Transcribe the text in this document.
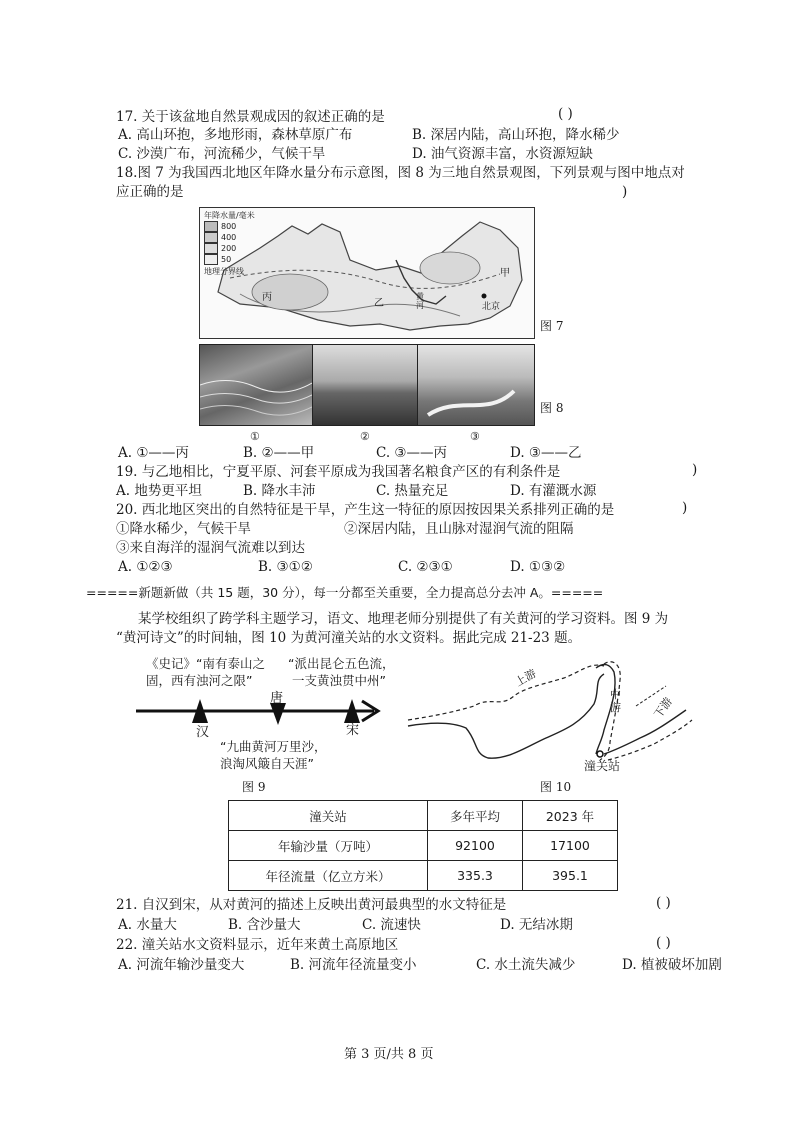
17. 关于该盆地自然景观成因的叙述正确的是	( )
A. 高山环抱，多地形雨，森林草原广布	B. 深居内陆，高山环抱，降水稀少
C. 沙漠广布，河流稀少，气候干旱	D. 油气资源丰富，水资源短缺
18.图 7 为我国西北地区年降水量分布示意图，图 8 为三地自然景观图，下列景观与图中地点对
应正确的是	)
年降水量/毫米
800
400
200
50
地理分界线
丙
乙
甲
北京
黄河
图 7
图 8
①	②	③
A. ①——丙	B. ②——甲	C. ③——丙	D. ③——乙
19. 与乙地相比，宁夏平原、河套平原成为我国著名粮食产区的有利条件是	)
A. 地势更平坦	B. 降水丰沛	C. 热量充足	D. 有灌溉水源
20. 西北地区突出的自然特征是干旱，产生这一特征的原因按因果关系排列正确的是	)
①降水稀少，气候干旱	②深居内陆，且山脉对湿润气流的阻隔
③来自海洋的湿润气流难以到达
A. ①②③	B. ③①②	C. ②③①	D. ①③②
=====新题新做（共 15 题，30 分），每一分都至关重要，全力提高总分去冲 A。=====
某学校组织了跨学科主题学习，语文、地理老师分别提供了有关黄河的学习资料。图 9 为
“黄河诗文”的时间轴，图 10 为黄河潼关站的水文资料。据此完成 21-23 题。
《史记》“南有泰山之
固，西有浊河之限”
“派出昆仑五色流，
一支黄浊贯中州”
汉
唐
宋
“九曲黄河万里沙，
浪淘风簸自天涯”
图 9
上游
中游	下游
潼关站
图 10
潼关站	多年平均	2023 年
年输沙量（万吨）	92100	17100
年径流量（亿立方米）	335.3	395.1
21. 自汉到宋，从对黄河的描述上反映出黄河最典型的水文特征是	( )
A. 水量大	B. 含沙量大	C. 流速快	D. 无结冰期
22. 潼关站水文资料显示，近年来黄土高原地区	( )
A. 河流年输沙量变大	B. 河流年径流量变小	C. 水土流失减少	D. 植被破坏加剧
第 3 页/共 8 页
